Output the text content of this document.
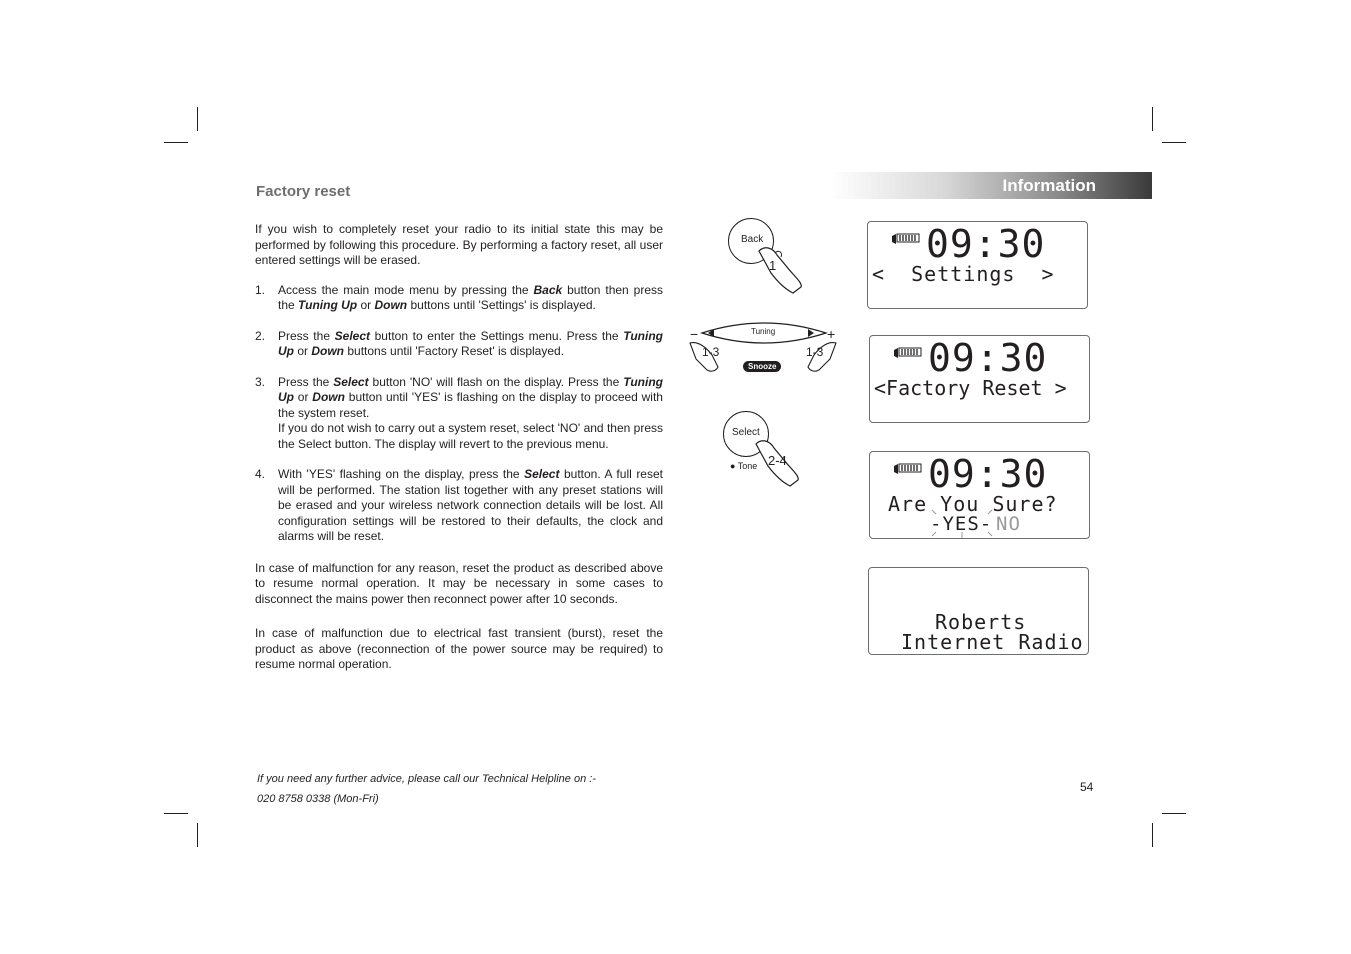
Information
Factory reset

If you wish to completely reset your radio to its initial state this may be performed by following this procedure. By performing a factory reset, all user entered settings will be erased.

1. Access the main mode menu by pressing the Back button then press the Tuning Up or Down buttons until 'Settings' is displayed.

2. Press the Select button to enter the Settings menu. Press the Tuning Up or Down buttons until 'Factory Reset' is displayed.

3. Press the Select button 'NO' will flash on the display. Press the Tuning Up or Down button until 'YES' is flashing on the display to proceed with the system reset.

If you do not wish to carry out a system reset, select 'NO' and then press the Select button. The display will revert to the previous menu.

4. With 'YES' flashing on the display, press the Select button. A full reset will be performed. The station list together with any preset stations will be erased and your wireless network connection details will be lost. All configuration settings will be restored to their defaults, the clock and alarms will be reset.

In case of malfunction for any reason, reset the product as described above to resume normal operation. It may be necessary in some cases to disconnect the mains power then reconnect power after 10 seconds.

In case of malfunction due to electrical fast transient (burst), reset the product as above (reconnection of the power source may be required) to resume normal operation.

If you need any further advice, please call our Technical Helpline on :-
020 8758 0338 (Mon-Fri)
54
Back
1
Tuning
−	+
1-3	1-3
Snooze
Select
● Tone 2-4
09:30
<  Settings  >
09:30
<Factory Reset >
09:30
Are You Sure?
-YES- NO
Roberts
Internet Radio
